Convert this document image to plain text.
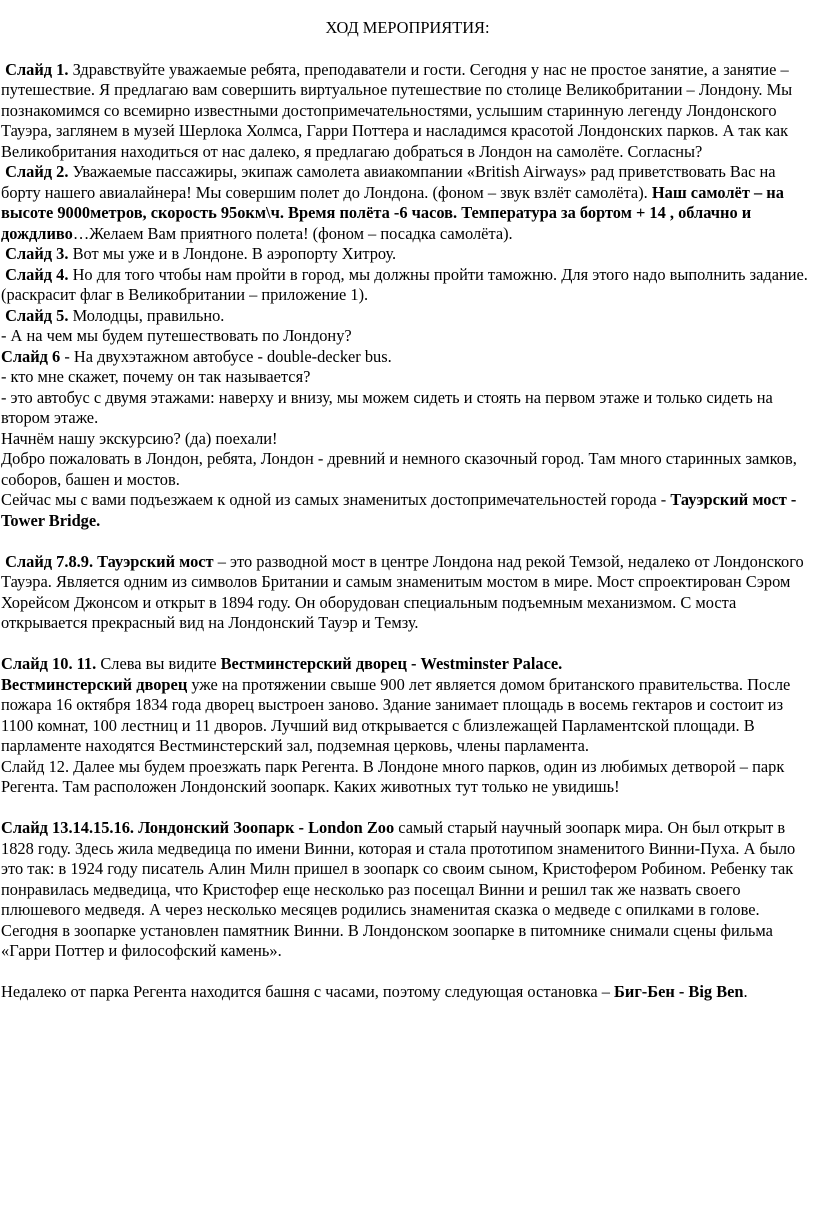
ХОД МЕРОПРИЯТИЯ:

Слайд 1. Здравствуйте уважаемые ребята, преподаватели и гости. Сегодня у нас не простое занятие, а занятие – путешествие. Я предлагаю вам совершить виртуальное путешествие по столице Великобритании – Лондону. Мы познакомимся со всемирно известными достопримечательностями, услышим старинную легенду Лондонского Тауэра, заглянем в музей Шерлока Холмса, Гарри Поттера и насладимся красотой Лондонских парков. А так как Великобритания находиться от нас далеко, я предлагаю добраться в Лондон на самолёте. Согласны?

Слайд 2. Уважаемые пассажиры, экипаж самолета авиакомпании «British Airways» рад приветствовать Вас на борту нашего авиалайнера! Мы совершим полет до Лондона. (фоном – звук взлёт самолёта). Наш самолёт – на высоте 9000метров, скорость 95окм\ч. Время полёта -6 часов. Температура за бортом + 14 , облачно и дождливо…Желаем Вам приятного полета! (фоном – посадка самолёта).

Слайд 3. Вот мы уже и в Лондоне. В аэропорту Хитроу.

Слайд 4. Но для того чтобы нам пройти в город, мы должны пройти таможню. Для этого надо выполнить задание.

(раскрасит флаг в Великобритании – приложение 1).

Слайд 5. Молодцы, правильно.

- А на чем мы будем путешествовать по Лондону?

Слайд 6 - На двухэтажном автобусе - double-decker bus.

- кто мне скажет, почему он так называется?

- это автобус с двумя этажами: наверху и внизу, мы можем сидеть и стоять на первом этаже и только сидеть на втором этаже.

Начнём нашу экскурсию? (да) поехали!

Добро пожаловать в Лондон, ребята, Лондон - древний и немного сказочный город. Там много старинных замков, соборов, башен и мостов.

Сейчас мы с вами подъезжаем к одной из самых знаменитых достопримечательностей города - Тауэрский мост - Tower Bridge.

Слайд 7.8.9. Тауэрский мост – это разводной мост в центре Лондона над рекой Темзой, недалеко от Лондонского Тауэра. Является одним из символов Британии и самым знаменитым мостом в мире. Мост спроектирован Сэром Хорейсом Джонсом и открыт в 1894 году. Он оборудован специальным подъемным механизмом. С моста открывается прекрасный вид на Лондонский Тауэр и Темзу.

Слайд 10. 11. Слева вы видите Вестминстерский дворец - Westminster Palace.

Вестминстерский дворец уже на протяжении свыше 900 лет является домом британского правительства. После пожара 16 октября 1834 года дворец выстроен заново. Здание занимает площадь в восемь гектаров и состоит из 1100 комнат, 100 лестниц и 11 дворов. Лучший вид открывается с близлежащей Парламентской площади. В парламенте находятся Вестминстерский зал, подземная церковь, члены парламента.

Слайд 12. Далее мы будем проезжать парк Регента. В Лондоне много парков, один из любимых детворой – парк Регента. Там расположен Лондонский зоопарк. Каких животных тут только не увидишь!

Слайд 13.14.15.16. Лондонский Зоопарк - London Zoo самый старый научный зоопарк мира. Он был открыт в 1828 году. Здесь жила медведица по имени Винни, которая и стала прототипом знаменитого Винни-Пуха. А было это так: в 1924 году писатель Алин Милн пришел в зоопарк со своим сыном, Кристофером Робином. Ребенку так понравилась медведица, что Кристофер еще несколько раз посещал Винни и решил так же назвать своего плюшевого медведя. А через несколько месяцев родились знаменитая сказка о медведе с опилками в голове. Сегодня в зоопарке установлен памятник Винни. В Лондонском зоопарке в питомнике снимали сцены фильма «Гарри Поттер и философский камень».

Недалеко от парка Регента находится башня с часами, поэтому следующая остановка – Биг-Бен - Big Ben.
